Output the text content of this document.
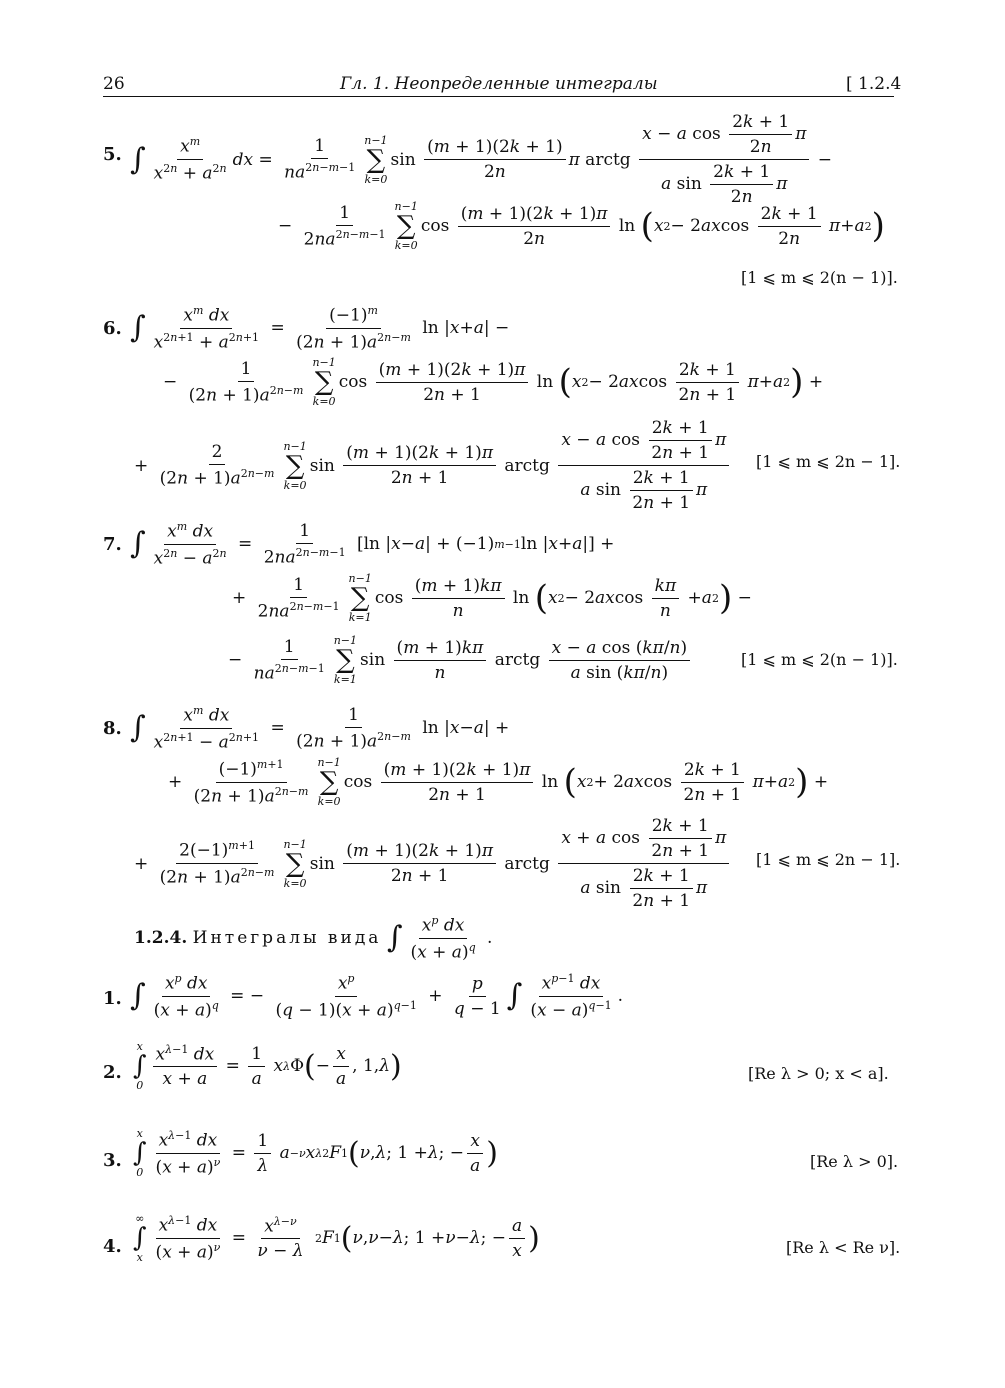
26	Гл. 1. Неопределенные интегралы	[ 1.2.4
5. ∫ $\frac{x^m}{x^{2n} + a^{2n}}$ dx = $\frac{1}{na^{2n-m-1}} n-1$
∑
k=0
$\sin \frac{(m + 1)(2k + 1)}{2n}$ π arctg $\frac{x - a \cos \frac{2k + 1}{2n} \pi}{a \sin \frac{2k + 1}{2n} \pi}$ −
− $\frac{1}{2na^{2n-m-1}} n-1$
∑
k=0
$\cos \frac{(m + 1)(2k + 1)\pi}{2n}$ ln ( x 2 − 2 ax $\cos \frac{2k + 1}{2n}$
π + a 2 )
[1 ⩽ m ⩽ 2(n − 1)].
6. ∫ $\frac{x^m dx}{x^{2n+1} + a^{2n+1}} = \frac{(-1)^m}{(2n + 1)a^{2n-m}}$ ln | x + a | −
− $\frac{1}{(2n + 1)a^{2n-m}} n-1$
∑
k=0
$\cos \frac{(m + 1)(2k + 1)\pi}{2n + 1}$ ln ( x 2 − 2 ax $\cos \frac{2k + 1}{2n + 1}$
π + a 2 ) +
+ $\frac{2}{(2n + 1)a^{2n-m}} n-1$
∑
k=0
$\sin \frac{(m + 1)(2k + 1)\pi}{2n + 1}$ arctg $\frac{x - a \cos \frac{2k + 1}{2n + 1} \pi}{a \sin \frac{2k + 1}{2n + 1} \pi} [1$ ⩽ m ⩽ 2n − 1].
7. ∫ $\frac{x^m dx}{x^{2n} - a^{2n}} = \frac{1}{2na^{2n-m-1}} [\ln$ | x − a | + (−1) m−1 ln | x + a |] +
+ $\frac{1}{2na^{2n-m-1}} n-1$
∑
k=1
$\cos \frac{(m + 1)k\pi}{n}$ ln ( x 2 − 2 ax $\cos \frac{k\pi}{n} + a$ 2 ) −
− $\frac{1}{na^{2n-m-1}} n-1$
∑
k=1
$\sin \frac{(m + 1)k\pi}{n}$ arctg $\frac{\text{x − a cos (kπ/n)}}{\text{a sin (kπ/n)}}$	[1 ⩽ m ⩽ 2(n − 1)].
8. ∫ $\frac{x^m dx}{x^{2n+1} - a^{2n+1}} = \frac{1}{(2n + 1)a^{2n-m}}$ ln | x − a | +
+ $\frac{(-1)^{m+1}}{(2n + 1)a^{2n-m}} n-1$
∑
k=0
$\cos \frac{(m + 1)(2k + 1)\pi}{2n + 1}$ ln ( x 2 + 2 ax $\cos \frac{2k + 1}{2n + 1}$
π + a 2 ) +
+ $\frac{2(-1)^{m+1}}{(2n + 1)a^{2n-m}} n-1$
∑
k=0
$\sin \frac{(m + 1)(2k + 1)\pi}{2n + 1}$ arctg $\frac{x + a \cos \frac{2k + 1}{2n + 1} \pi}{a \sin \frac{2k + 1}{2n + 1} \pi} [1$ ⩽ m ⩽ 2n − 1].
1.2.4.
Интегралы вида
∫ $\frac{x^p dx}{(x + a)^q}$ .
1. ∫ $\frac{x^p dx}{(x + a)^q}$ = − $\frac{x^p}{(q - 1)(x + a)^{q-1}} + \frac{p}{q - 1}$ ∫ $\frac{x^{p-1} dx}{(x - a)^{q-1}}$ .
2.
x
∫
$0 \frac{x^{\lambda-1} dx}{x + a} = \frac{1}{a}$
x λ Φ ( − $\frac{x}{a}$ , 1, λ )	[Re λ > 0; x < a].
3.
x
∫
$0 \frac{x^{\lambda-1} dx}{(x + a)^\nu} = \frac{1}{\lambda}$
a −ν x λ 2 F 1 ( ν , λ ; 1 + λ ; − $\frac{x}{a}$ )	[Re λ > 0].
4.
∞
∫
x $\frac{x^{\lambda-1} dx}{(x + a)^\nu} = \frac{x^{\lambda-\nu}}{\nu - \lambda}$
2 F 1 ( ν , ν − λ ; 1 + ν − λ ; − $\frac{a}{x}$ )	[Re λ < Re ν].
